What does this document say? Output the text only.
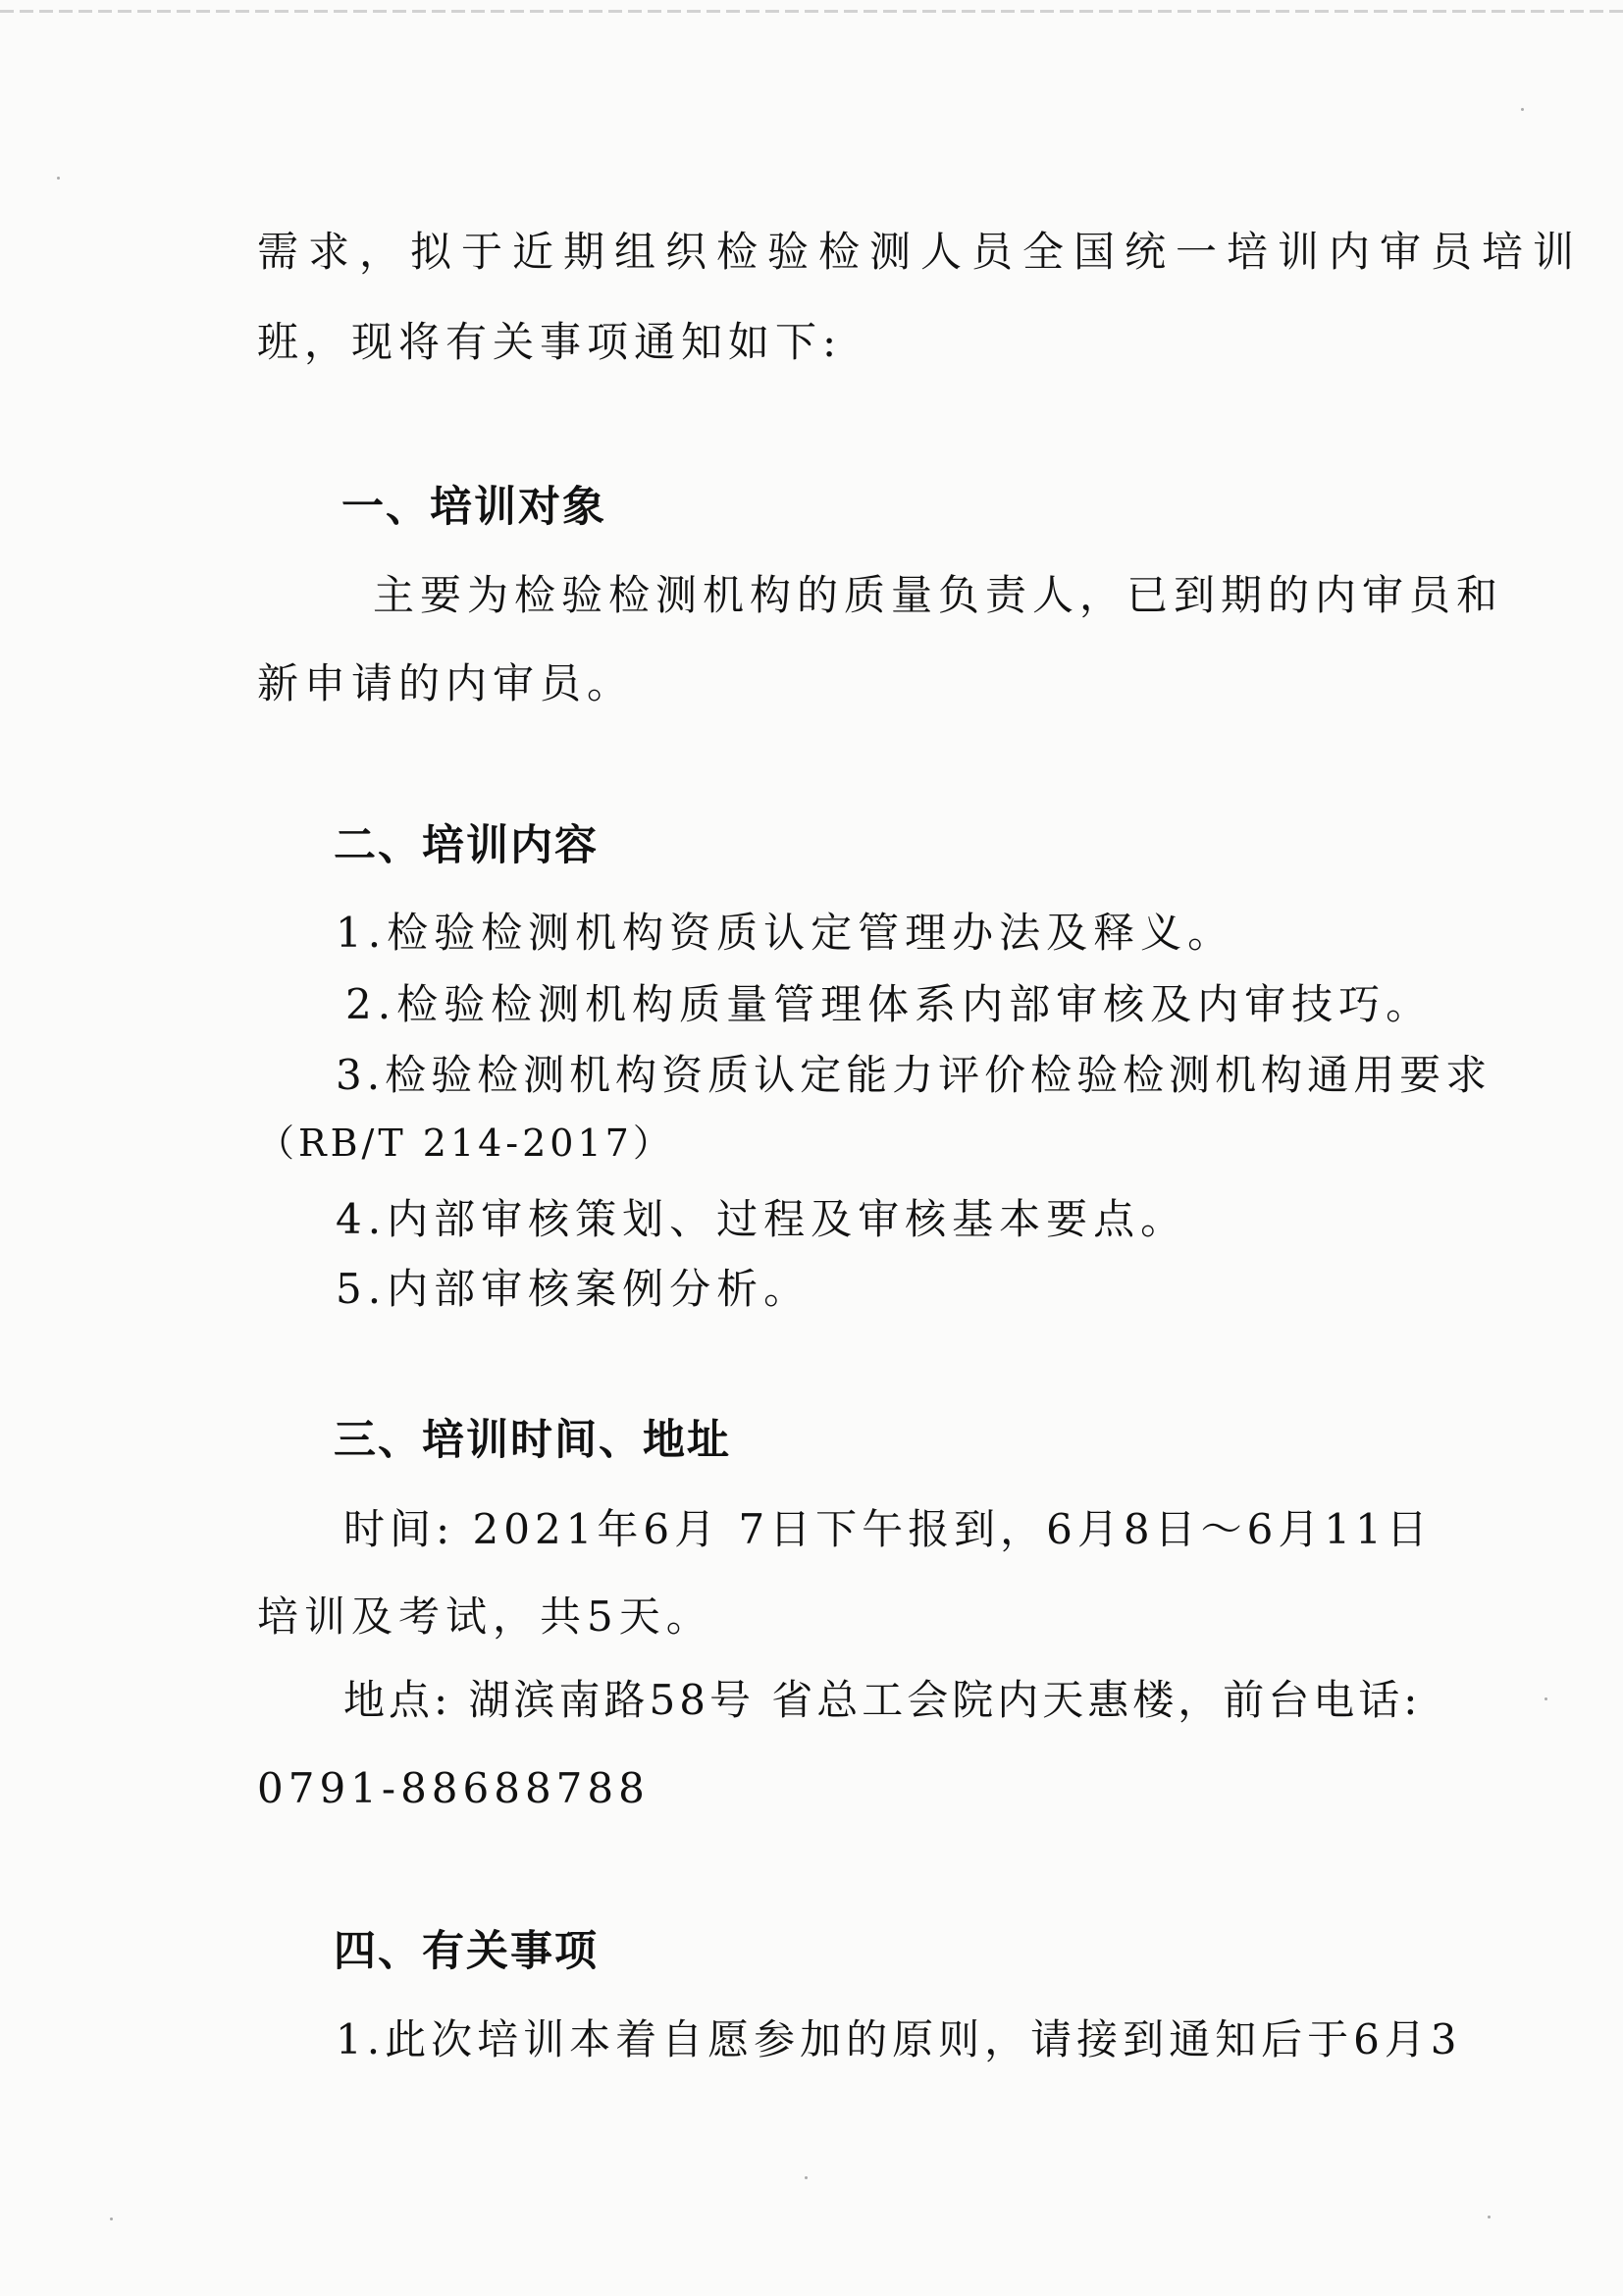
需求，拟于近期组织检验检测人员全国统一培训内审员培训
班，现将有关事项通知如下:
一、培训对象
主要为检验检测机构的质量负责人，已到期的内审员和
新申请的内审员。
二、培训内容
1.检验检测机构资质认定管理办法及释义。
2.检验检测机构质量管理体系内部审核及内审技巧。
3.检验检测机构资质认定能力评价检验检测机构通用要求
（RB/T 214-2017）
4.内部审核策划、过程及审核基本要点。
5.内部审核案例分析。
三、培训时间、地址
时间: 2021年6月 7日下午报到，6月8日～6月11日
培训及考试，共5天。
地点: 湖滨南路58号 省总工会院内天惠楼，前台电话:
0791-88688788
四、有关事项
1.此次培训本着自愿参加的原则，请接到通知后于6月3
